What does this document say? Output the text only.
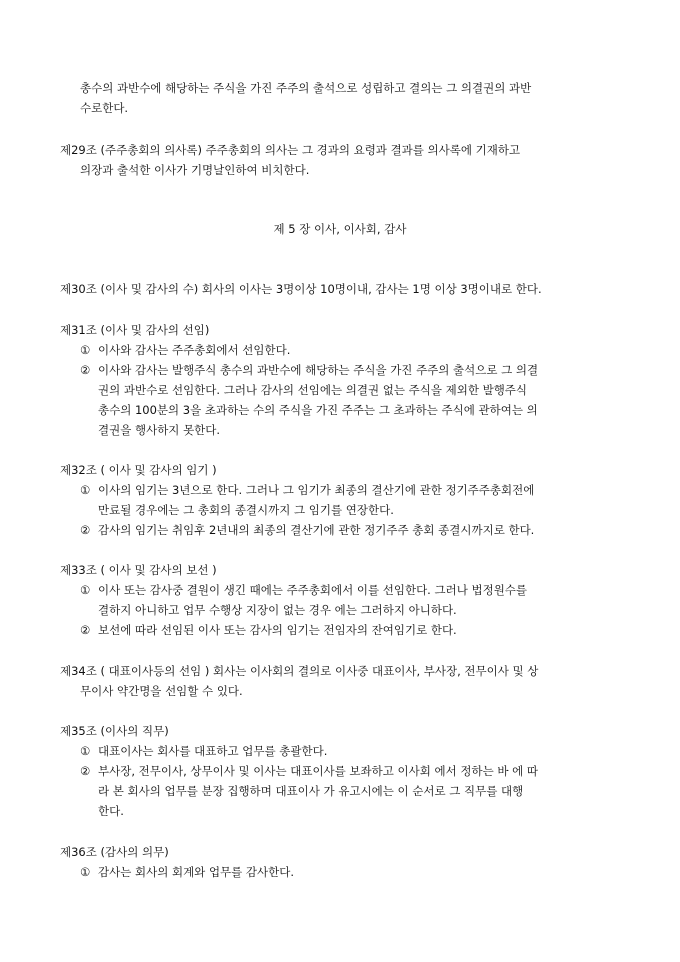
총수의 과반수에 해당하는 주식을 가진 주주의 출석으로 성립하고 결의는 그 의결권의 과반
수로한다.
제29조 (주주총회의 의사록) 주주총회의 의사는 그 경과의 요령과 결과를 의사록에 기재하고
의장과 출석한 이사가 기명날인하여 비치한다.
제 5 장 이사, 이사회, 감사
제30조 (이사 및 감사의 수) 회사의 이사는 3명이상 10명이내, 감사는 1명 이상 3명이내로 한다.
제31조 (이사 및 감사의 선임)
① 이사와 감사는 주주총회에서 선임한다.
② 이사와 감사는 발행주식 총수의 과반수에 해당하는 주식을 가진 주주의 출석으로 그 의결
권의 과반수로 선임한다. 그러나 감사의 선임에는 의결권 없는 주식을 제외한 발행주식
총수의 100분의 3을 초과하는 수의 주식을 가진 주주는 그 초과하는 주식에 관하여는 의
결권을 행사하지 못한다.
제32조 ( 이사 및 감사의 임기 )
① 이사의 임기는 3년으로 한다. 그러나 그 임기가 최종의 결산기에 관한 정기주주총회전에
만료될 경우에는 그 총회의 종결시까지 그 임기를 연장한다.
② 감사의 임기는 취임후 2년내의 최종의 결산기에 관한 정기주주 총회 종결시까지로 한다.
제33조 ( 이사 및 감사의 보선 )
① 이사 또는 감사중 결원이 생긴 때에는 주주총회에서 이를 선임한다. 그러나 법정원수를
결하지 아니하고 업무 수행상 지장이 없는 경우 에는 그러하지 아니하다.
② 보선에 따라 선임된 이사 또는 감사의 임기는 전임자의 잔여임기로 한다.
제34조 ( 대표이사등의 선임 ) 회사는 이사회의 결의로 이사중 대표이사, 부사장, 전무이사 및 상
무이사 약간명을 선임할 수 있다.
제35조 (이사의 직무)
① 대표이사는 회사를 대표하고 업무를 총괄한다.
② 부사장, 전무이사, 상무이사 및 이사는 대표이사를 보좌하고 이사회 에서 정하는 바 에 따
라 본 회사의 업무를 분장 집행하며 대표이사 가 유고시에는 이 순서로 그 직무를 대행
한다.
제36조 (감사의 의무)
① 감사는 회사의 회계와 업무를 감사한다.
